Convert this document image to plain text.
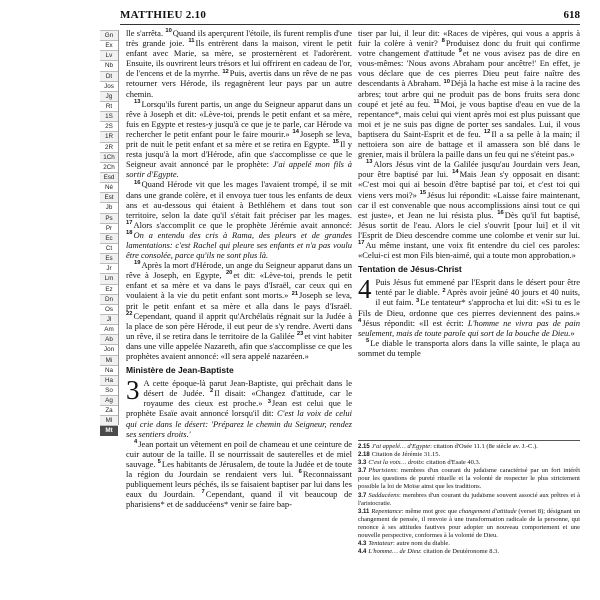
MATTHIEU 2.10	618
Gn
Ex
Lv
Nb
Dt
Jos
Jg
Rt
1S
2S
1R
2R
1Ch
2Ch
Esd
Né
Est
Jb
Ps
Pr
Ec
Ct
Es
Jr
Lm
Ez
Dn
Os
Jl
Am
Ab
Jon
Mi
Na
Ha
So
Ag
Za
Ml
Mt

lle s'arrêta. $^{10}$Quand ils aperçurent l'étoile, ils furent remplis d'une très grande joie. $^{11}$Ils entrèrent dans la maison, virent le petit enfant avec Marie, sa mère, se prosternèrent et l'adorèrent. Ensuite, ils ouvrirent leurs trésors et lui offrirent en cadeau de l'or, de l'encens et de la myrrhe. $^{12}$Puis, avertis dans un rêve de ne pas retourner vers Hérode, ils regagnèrent leur pays par un autre chemin.

$^{13}$Lorsqu'ils furent partis, un ange du Seigneur apparut dans un rêve à Joseph et dit: «Lève-toi, prends le petit enfant et sa mère, fuis en Egypte et restes-y jusqu'à ce que je te parle, car Hérode va rechercher le petit enfant pour le faire mourir.» $^{14}$Joseph se leva, prit de nuit le petit enfant et sa mère et se retira en Egypte. $^{15}$Il y resta jusqu'à la mort d'Hérode, afin que s'accomplisse ce que le Seigneur avait annoncé par le prophète: J'ai appelé mon fils à sortir d'Egypte.

$^{16}$Quand Hérode vit que les mages l'avaient trompé, il se mit dans une grande colère, et il envoya tuer tous les enfants de deux ans et au-dessous qui étaient à Bethléhem et dans tout son territoire, selon la date qu'il s'était fait préciser par les mages. $^{17}$Alors s'accomplit ce que le prophète Jérémie avait annoncé: $^{18}$On a entendu des cris à Rama, des pleurs et de grandes lamentations: c'est Rachel qui pleure ses enfants et n'a pas voulu être consolée, parce qu'ils ne sont plus là.

$^{19}$Après la mort d'Hérode, un ange du Seigneur apparut dans un rêve à Joseph, en Egypte, $^{20}$et dit: «Lève-toi, prends le petit enfant et sa mère et va dans le pays d'Israël, car ceux qui en voulaient à la vie du petit enfant sont morts.» $^{21}$Joseph se leva, prit le petit enfant et sa mère et alla dans le pays d'Israël. $^{22}$Cependant, quand il apprit qu'Archélaüs régnait sur la Judée à la place de son père Hérode, il eut peur de s'y rendre. Averti dans un rêve, il se retira dans le territoire de la Galilée $^{23}$et vint habiter dans une ville appelée Nazareth, afin que s'accomplisse ce que les prophètes avaient annoncé: «Il sera appelé nazaréen.»

Ministère de Jean-Baptiste

3 A cette époque-là parut Jean-Baptiste, qui prêchait dans le désert de Judée. $^2$Il disait: «Changez d'attitude, car le royaume des cieux est proche.» $^3$Jean est celui que le prophète Esaïe avait annoncé lorsqu'il dit: C'est la voix de celui qui crie dans le désert: 'Préparez le chemin du Seigneur, rendez ses sentiers droits.'

$^4$Jean portait un vêtement en poil de chameau et une ceinture de cuir autour de la taille. Il se nourrissait de sauterelles et de miel sauvage. $^5$Les habitants de Jérusalem, de toute la Judée et de toute la région du Jourdain se rendaient vers lui. $^6$Reconnaissant publiquement leurs péchés, ils se faisaient baptiser par lui dans les eaux du Jourdain. $^7$Cependant, quand il vit beaucoup de pharisiens* et de sadducéens* venir se faire bap-

tiser par lui, il leur dit: «Races de vipères, qui vous a appris à fuir la colère à venir? $^8$Produisez donc du fruit qui confirme votre changement d'attitude $^9$et ne vous avisez pas de dire en vous-mêmes: 'Nous avons Abraham pour ancêtre!' En effet, je vous déclare que de ces pierres Dieu peut faire naître des descendants à Abraham. $^{10}$Déjà la hache est mise à la racine des arbres; tout arbre qui ne produit pas de bons fruits sera donc coupé et jeté au feu. $^{11}$Moi, je vous baptise d'eau en vue de la repentance*, mais celui qui vient après moi est plus puissant que moi et je ne suis pas digne de porter ses sandales. Lui, il vous baptisera du Saint-Esprit et de feu. $^{12}$Il a sa pelle à la main; il nettoiera son aire de battage et il amassera son blé dans le grenier, mais il brûlera la paille dans un feu qui ne s'éteint pas.»

$^{13}$Alors Jésus vint de la Galilée jusqu'au Jourdain vers Jean, pour être baptisé par lui. $^{14}$Mais Jean s'y opposait en disant: «C'est moi qui ai besoin d'être baptisé par toi, et c'est toi qui viens vers moi?» $^{15}$Jésus lui répondit: «Laisse faire maintenant, car il est convenable que nous accomplissions ainsi tout ce qui est juste», et Jean ne lui résista plus. $^{16}$Dès qu'il fut baptisé, Jésus sortit de l'eau. Alors le ciel s'ouvrit [pour lui] et il vit l'Esprit de Dieu descendre comme une colombe et venir sur lui. $^{17}$Au même instant, une voix fit entendre du ciel ces paroles: «Celui-ci est mon Fils bien-aimé, qui a toute mon approbation.»

Tentation de Jésus-Christ

4 Puis Jésus fut emmené par l'Esprit dans le désert pour être tenté par le diable. $^2$Après avoir jeûné 40 jours et 40 nuits, il eut faim. $^3$Le tentateur* s'approcha et lui dit: «Si tu es le Fils de Dieu, ordonne que ces pierres deviennent des pains.» $^4$Jésus répondit: «Il est écrit: L'homme ne vivra pas de pain seulement, mais de toute parole qui sort de la bouche de Dieu.»

$^5$Le diable le transporta alors dans la ville sainte, le plaça au sommet du temple

2.15 J'ai appelé… d'Egypte: citation d'Osée 11.1 (8e siècle av. J.-C.).

2.18 Citation de Jérémie 31.15.

3.3 C'est la voix… droits: citation d'Esaïe 40.3.

3.7 Pharisiens: membres d'un courant du judaïsme caractérisé par un fort intérêt pour les questions de pureté rituelle et la volonté de respecter le plus strictement possible la loi de Moïse ainsi que les traditions.

3.7 Sadducéens: membres d'un courant du judaïsme souvent associé aux prêtres et à l'aristocratie.

3.11 Repentance: même mot grec que changement d'attitude (verset 8); désignant un changement de pensée, il renvoie à une transformation radicale de la personne, qui renonce à ses attitudes fautives pour adopter un nouveau comportement et une nouvelle perspective, conformes à la volonté de Dieu.

4.3 Tentateur: autre nom du diable.

4.4 L'homme… de Dieu: citation de Deutéronome 8.3.
